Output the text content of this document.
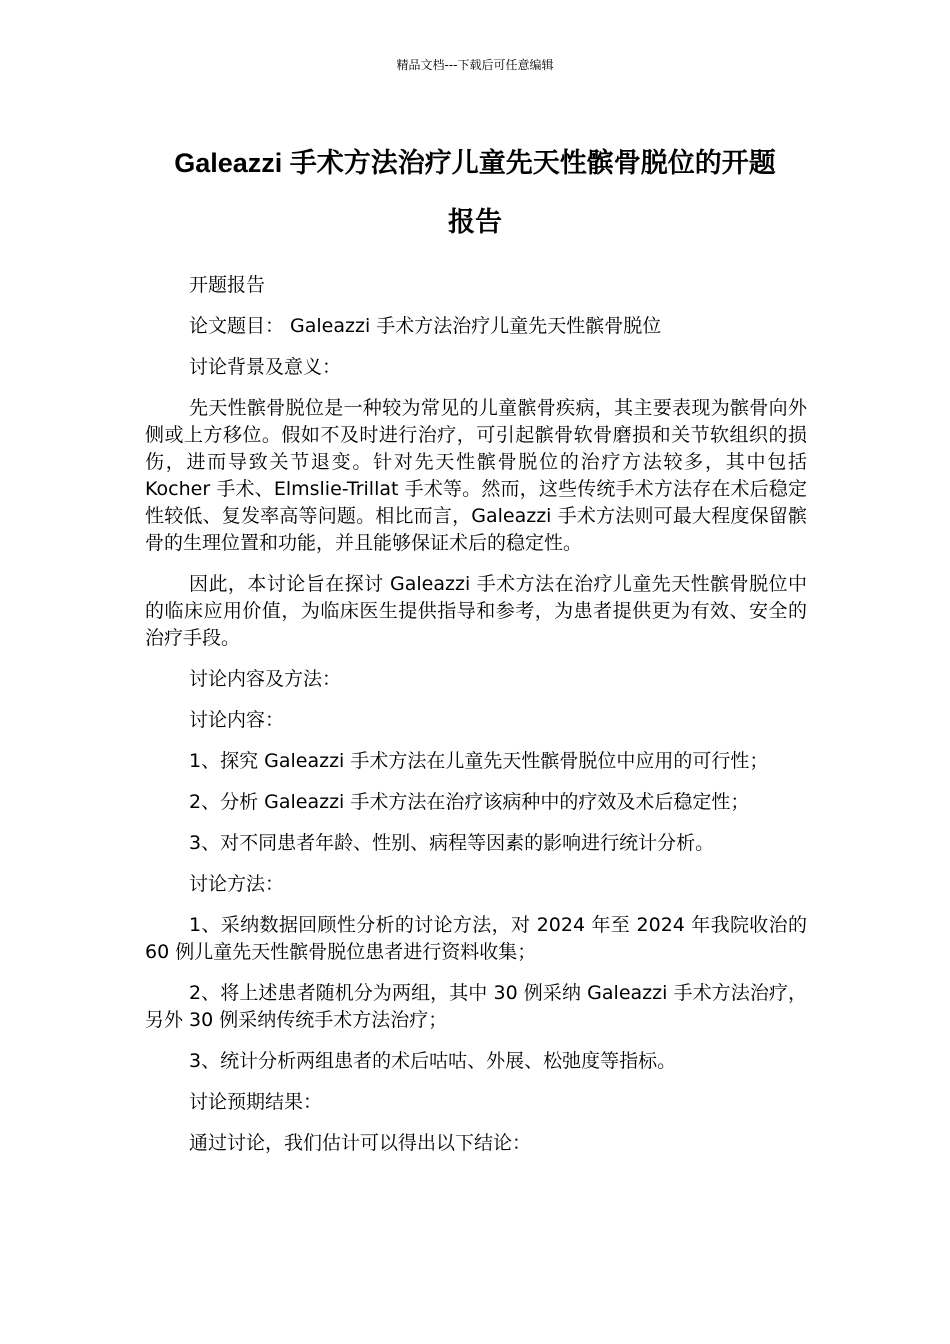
精品文档---下载后可任意编辑
Galeazzi 手术方法治疗儿童先天性髌骨脱位的开题
报告

开题报告

论文题目： Galeazzi 手术方法治疗儿童先天性髌骨脱位

讨论背景及意义：

先天性髌骨脱位是一种较为常见的儿童髌骨疾病，其主要表现为髌骨向外侧或上方移位。假如不及时进行治疗，可引起髌骨软骨磨损和关节软组织的损伤，进而导致关节退变。针对先天性髌骨脱位的治疗方法较多，其中包括 Kocher 手术、Elmslie-Trillat 手术等。然而，这些传统手术方法存在术后稳定性较低、复发率高等问题。相比而言，Galeazzi 手术方法则可最大程度保留髌骨的生理位置和功能，并且能够保证术后的稳定性。

因此，本讨论旨在探讨 Galeazzi 手术方法在治疗儿童先天性髌骨脱位中的临床应用价值，为临床医生提供指导和参考，为患者提供更为有效、安全的治疗手段。

讨论内容及方法：

讨论内容：

1、探究 Galeazzi 手术方法在儿童先天性髌骨脱位中应用的可行性；

2、分析 Galeazzi 手术方法在治疗该病种中的疗效及术后稳定性；

3、对不同患者年龄、性别、病程等因素的影响进行统计分析。

讨论方法：

1、采纳数据回顾性分析的讨论方法，对 2024 年至 2024 年我院收治的 60 例儿童先天性髌骨脱位患者进行资料收集；

2、将上述患者随机分为两组，其中 30 例采纳 Galeazzi 手术方法治疗，另外 30 例采纳传统手术方法治疗；

3、统计分析两组患者的术后咕咕、外展、松弛度等指标。

讨论预期结果：

通过讨论，我们估计可以得出以下结论：
